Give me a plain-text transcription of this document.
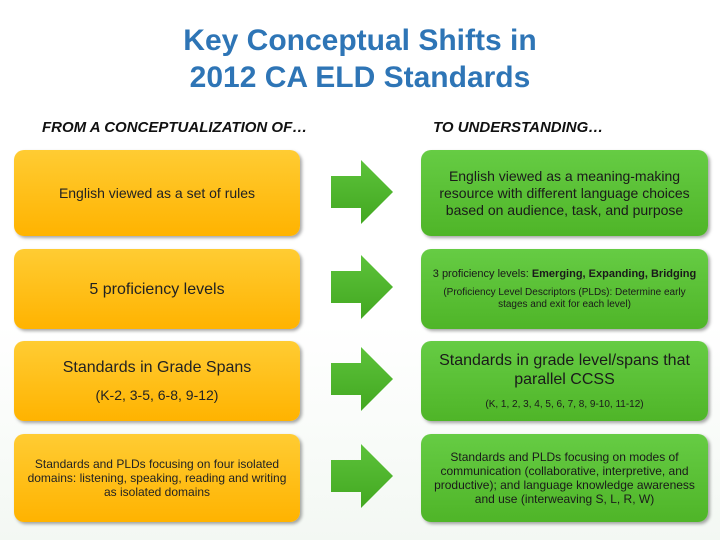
Key Conceptual Shifts in
2012 CA ELD Standards
FROM A CONCEPTUALIZATION OF…	TO UNDERSTANDING…
English viewed as a set of rules
English viewed as a meaning-making resource with different language choices based on audience, task, and purpose
5 proficiency levels
3 proficiency levels: Emerging, Expanding, Bridging
(Proficiency Level Descriptors (PLDs): Determine early stages and exit for each level)
Standards in Grade Spans
(K-2, 3-5, 6-8, 9-12)
Standards in grade level/spans that parallel CCSS
(K, 1, 2, 3, 4, 5, 6, 7, 8, 9-10, 11-12)
Standards and PLDs focusing on four isolated domains: listening, speaking, reading and writing as isolated domains
Standards and PLDs focusing on modes of communication (collaborative, interpretive, and productive); and language knowledge awareness and use (interweaving S, L, R, W)
